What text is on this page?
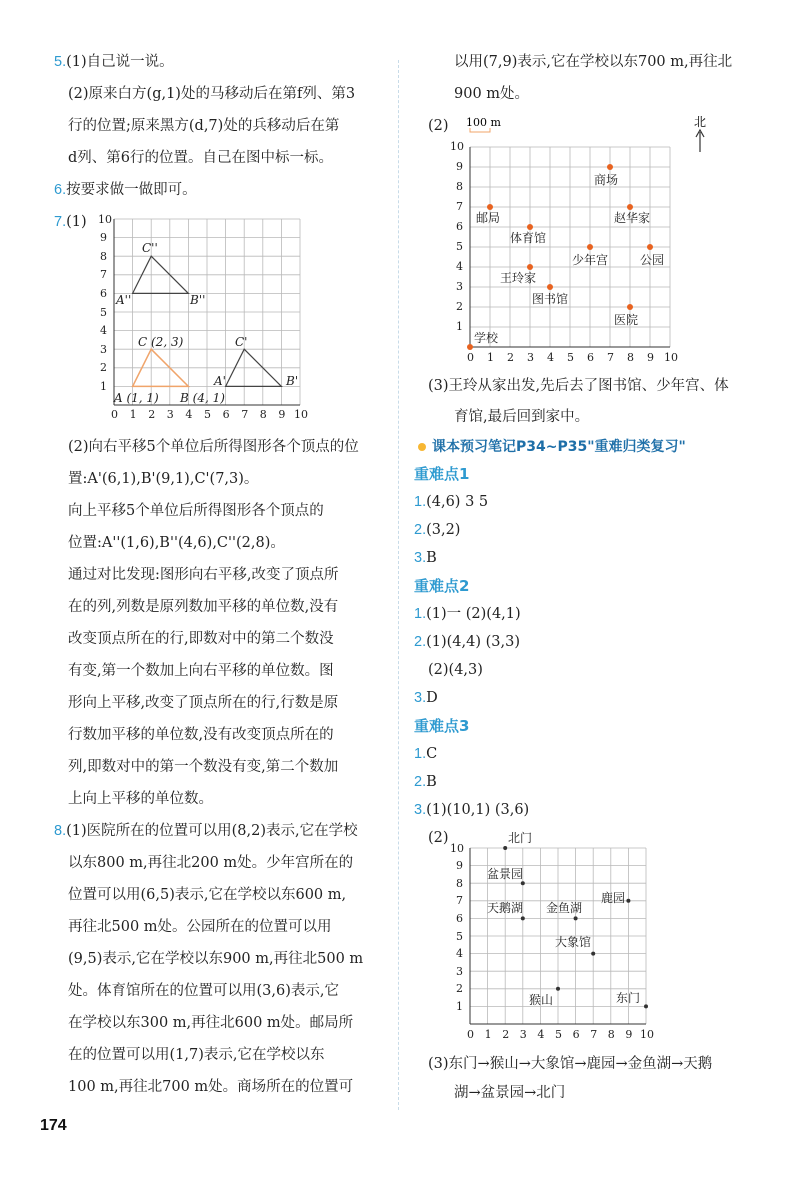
5.(1)自己说一说。
(2)原来白方(g,1)处的马移动后在第f列、第3
行的位置;原来黑方(d,7)处的兵移动后在第
d列、第6行的位置。自己在图中标一标。
6.按要求做一做即可。
7.(1)
1
2
3
4
5
6
7
8
9
10
0 1 2 3 4 5 6 7 8 9 10
A (1, 1) B (4, 1)
C (2, 3)
A'	B'
C'
A''	B''
C''
(2)向右平移5个单位后所得图形各个顶点的位
置:A'(6,1),B'(9,1),C'(7,3)。
向上平移5个单位后所得图形各个顶点的
位置:A''(1,6),B''(4,6),C''(2,8)。
通过对比发现:图形向右平移,改变了顶点所
在的列,列数是原列数加平移的单位数,没有
改变顶点所在的行,即数对中的第二个数没
有变,第一个数加上向右平移的单位数。图
形向上平移,改变了顶点所在的行,行数是原
行数加平移的单位数,没有改变顶点所在的
列,即数对中的第一个数没有变,第二个数加
上向上平移的单位数。
8.(1)医院所在的位置可以用(8,2)表示,它在学校
以东800 m,再往北200 m处。少年宫所在的
位置可以用(6,5)表示,它在学校以东600 m,
再往北500 m处。公园所在的位置可以用
(9,5)表示,它在学校以东900 m,再往北500 m
处。体育馆所在的位置可以用(3,6)表示,它
在学校以东300 m,再往北600 m处。邮局所
在的位置可以用(1,7)表示,它在学校以东
100 m,再往北700 m处。商场所在的位置可
174
以用(7,9)表示,它在学校以东700 m,再往北
900 m处。
(2) 100 m	北
1
2
3
4
5
6
7
8
9
10
0 1 2 3 4 5 6 7 8 9 10
学校
邮局
体育馆
王玲家
图书馆
少年宫
商场
赵华家
公园
医院
(3)王玲从家出发,先后去了图书馆、少年宫、体
育馆,最后回到家中。
课本预习笔记P34~P35"重难归类复习"
重难点1
1.(4,6) 3 5
2.(3,2)
3.B
重难点2
1.(1)一 (2)(4,1)
2.(1)(4,4) (3,3)
(2)(4,3)
3.D
重难点3
1.C
2.B
3.(1)(10,1) (3,6)
(2)
1
2
3
4
5
6
7
8
9
10
0 1 2 3 4 5 6 7 8 9 10
北门
盆景园
天鹅湖 金鱼湖
鹿园
大象馆
猴山	东门
(3)东门→猴山→大象馆→鹿园→金鱼湖→天鹅
湖→盆景园→北门
